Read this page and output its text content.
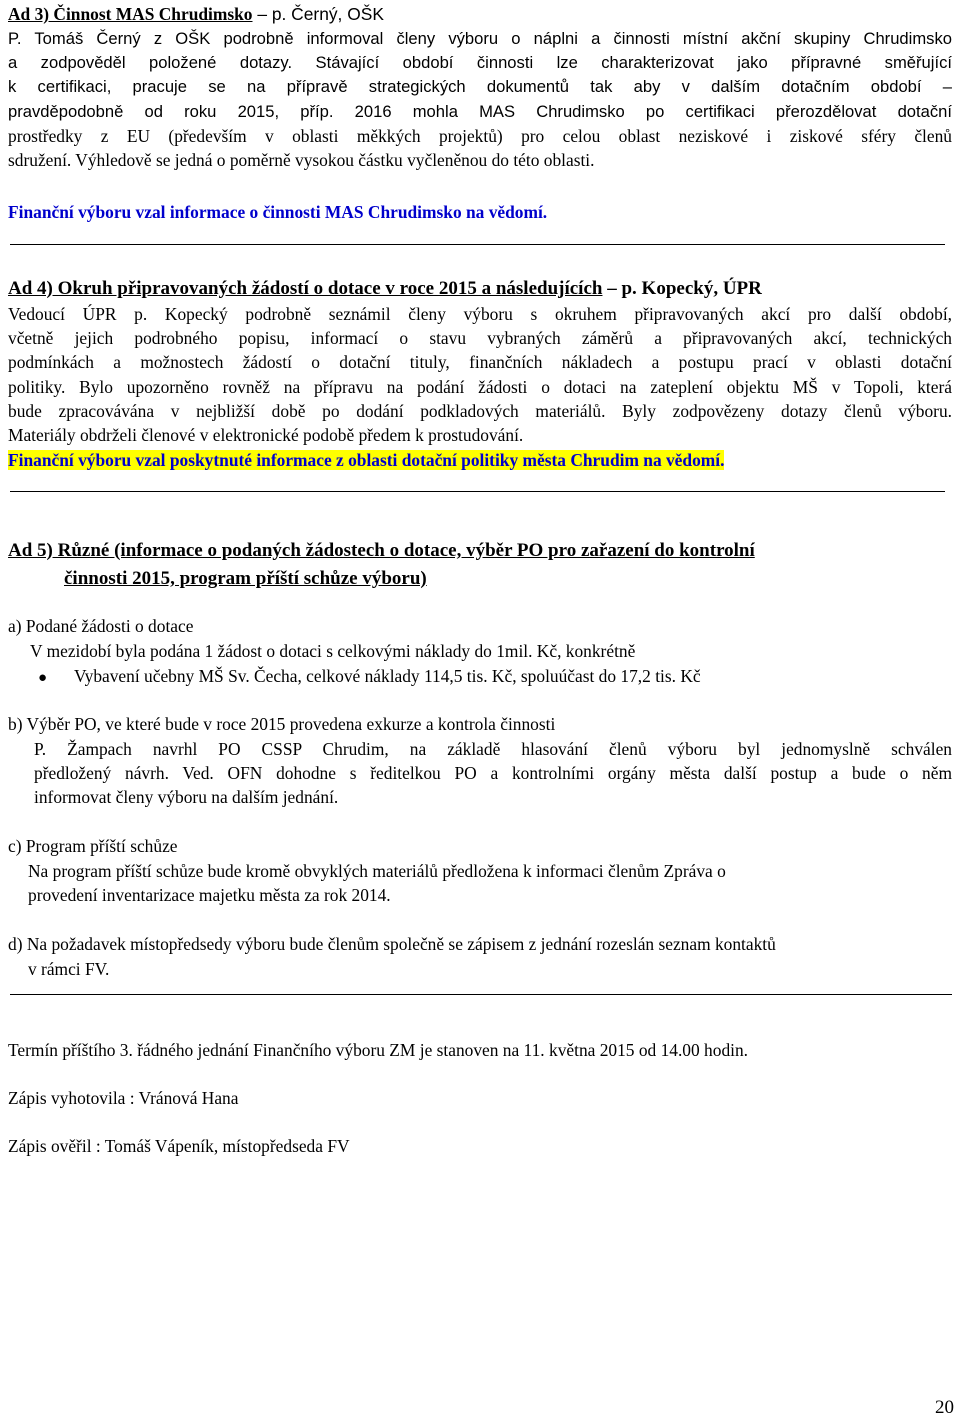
Ad 3) Činnost MAS Chrudimsko – p. Černý, OŠK

P. Tomáš Černý z OŠK podrobně informoval členy výboru o náplni a činnosti místní akční skupiny Chrudimsko

a zodpověděl položené dotazy. Stávající období činnosti lze charakterizovat jako přípravné směřující

k certifikaci, pracuje se na přípravě strategických dokumentů tak aby v dalším dotačním období –

pravděpodobně od roku 2015, příp. 2016 mohla MAS Chrudimsko po certifikaci přerozdělovat dotační

prostředky z EU (především v oblasti měkkých projektů) pro celou oblast neziskové i ziskové sféry členů

sdružení. Výhledově se jedná o poměrně vysokou částku vyčleněnou do této oblasti.

Finanční výboru vzal informace o činnosti MAS Chrudimsko na vědomí.

Ad 4) Okruh připravovaných žádostí o dotace v roce 2015 a následujících – p. Kopecký, ÚPR

Vedoucí ÚPR p. Kopecký podrobně seznámil členy výboru s okruhem připravovaných akcí pro další období,

včetně jejich podrobného popisu, informací o stavu vybraných záměrů a připravovaných akcí, technických

podmínkách a možnostech žádostí o dotační tituly, finančních nákladech a postupu prací v oblasti dotační

politiky. Bylo upozorněno rovněž na přípravu na podání žádosti o dotaci na zateplení objektu MŠ v Topoli, která

bude zpracovávána v nejbližší době po dodání podkladových materiálů. Byly zodpovězeny dotazy členů výboru.

Materiály obdrželi členové v elektronické podobě předem k prostudování.

Finanční výboru vzal poskytnuté informace z oblasti dotační politiky města Chrudim na vědomí.

Ad 5) Různé (informace o podaných žádostech o dotace, výběr PO pro zařazení do kontrolní

činnosti 2015, program příští schůze výboru)

a) Podané žádosti o dotace

V mezidobí byla podána 1 žádost o dotaci s celkovými náklady do 1mil. Kč, konkrétně

●	Vybavení učebny MŠ Sv. Čecha, celkové náklady 114,5 tis. Kč, spoluúčast do 17,2 tis. Kč

b) Výběr PO, ve které bude v roce 2015 provedena exkurze a kontrola činnosti

P. Žampach navrhl PO CSSP Chrudim, na základě hlasování členů výboru byl jednomyslně schválen

předložený návrh. Ved. OFN dohodne s ředitelkou PO a kontrolními orgány města další postup a bude o něm

informovat členy výboru na dalším jednání.

c) Program příští schůze

Na program příští schůze bude kromě obvyklých materiálů předložena k informaci členům Zpráva o

provedení inventarizace majetku města za rok 2014.

d) Na požadavek místopředsedy výboru bude členům společně se zápisem z jednání rozeslán seznam kontaktů

v rámci FV.

Termín příštího 3. řádného jednání Finančního výboru ZM je stanoven na 11. května 2015 od 14.00 hodin.

Zápis vyhotovila : Vránová Hana

Zápis ověřil : Tomáš Vápeník, místopředseda FV

20
